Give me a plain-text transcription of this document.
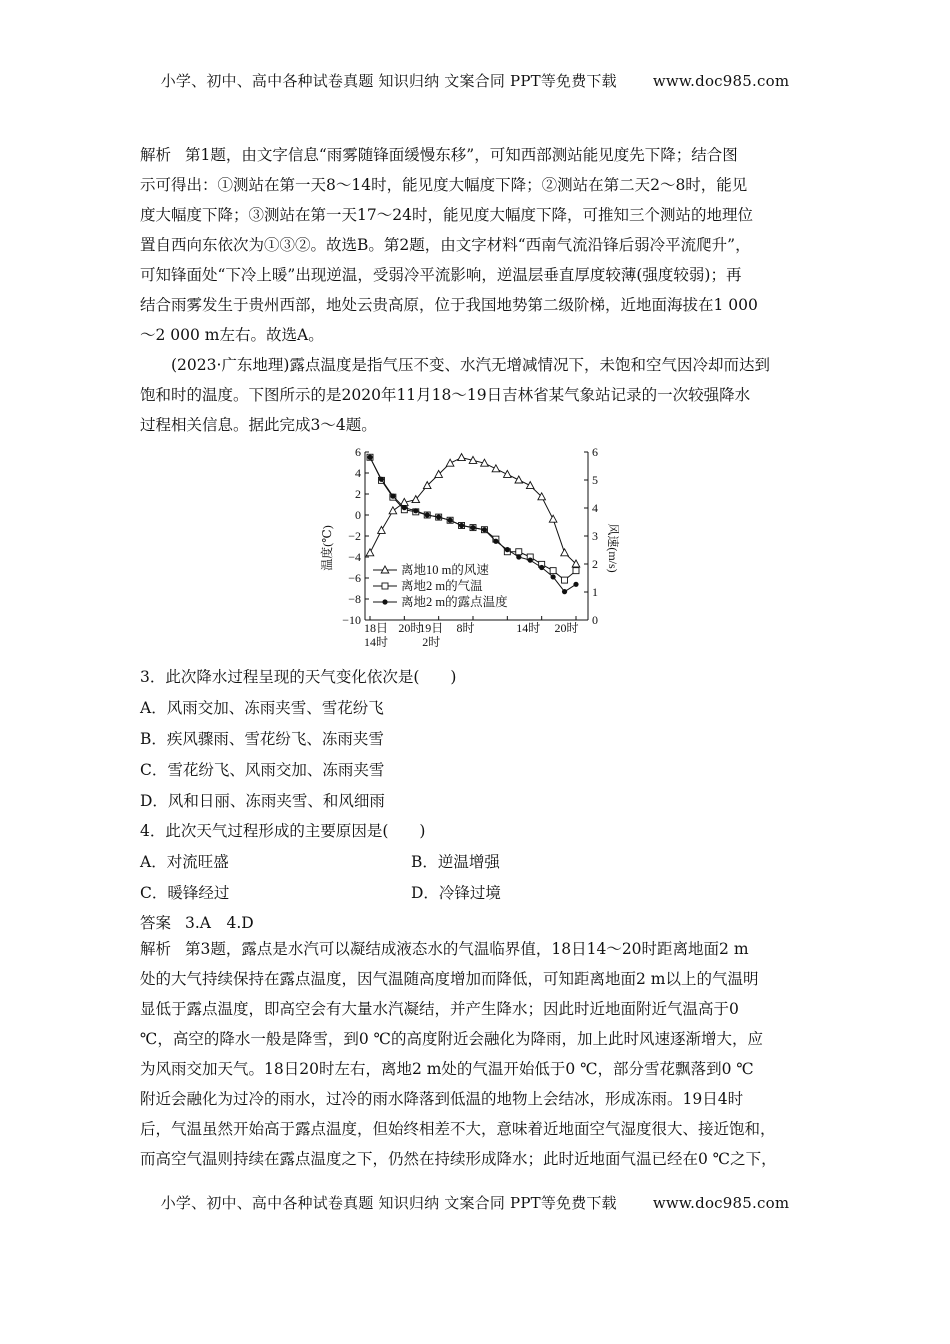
小学、初中、高中各种试卷真题 知识归纳 文案合同 PPT等免费下载 www.doc985.com
解析 第1题，由文字信息“雨雾随锋面缓慢东移”，可知西部测站能见度先下降；结合图
示可得出：①测站在第一天8～14时，能见度大幅度下降；②测站在第二天2～8时，能见
度大幅度下降；③测站在第一天17～24时，能见度大幅度下降，可推知三个测站的地理位
置自西向东依次为①③②。故选B。第2题，由文字材料“西南气流沿锋后弱冷平流爬升”，
可知锋面处“下冷上暖”出现逆温，受弱冷平流影响，逆温层垂直厚度较薄(强度较弱)；再
结合雨雾发生于贵州西部，地处云贵高原，位于我国地势第二级阶梯，近地面海拔在1 000
～2 000 m左右。故选A。
(2023·广东地理)露点温度是指气压不变、水汽无增减情况下，未饱和空气因冷却而达到
饱和时的温度。下图所示的是2020年11月18～19日吉林省某气象站记录的一次较强降水
过程相关信息。据此完成3～4题。
温度(℃)	风速(m/s)
6
4
2
0
−2
−4
−6
−8
−10
6
5
4
3
2
1
0
18日
14时
20时
19日
2时
8时	14时 20时
离地10 m的风速
离地2 m的气温
离地2 m的露点温度
3．此次降水过程呈现的天气变化依次是(　　)
A．风雨交加、冻雨夹雪、雪花纷飞
B．疾风骤雨、雪花纷飞、冻雨夹雪
C．雪花纷飞、风雨交加、冻雨夹雪
D．风和日丽、冻雨夹雪、和风细雨
4．此次天气过程形成的主要原因是(　　)
A．对流旺盛	B．逆温增强
C．暖锋经过	D．冷锋过境
答案 3.A　4.D
解析 第3题，露点是水汽可以凝结成液态水的气温临界值，18日14～20时距离地面2 m
处的大气持续保持在露点温度，因气温随高度增加而降低，可知距离地面2 m以上的气温明
显低于露点温度，即高空会有大量水汽凝结，并产生降水；因此时近地面附近气温高于0
℃，高空的降水一般是降雪，到0 ℃的高度附近会融化为降雨，加上此时风速逐渐增大，应
为风雨交加天气。18日20时左右，离地2 m处的气温开始低于0 ℃，部分雪花飘落到0 ℃
附近会融化为过冷的雨水，过冷的雨水降落到低温的地物上会结冰，形成冻雨。19日4时
后，气温虽然开始高于露点温度，但始终相差不大，意味着近地面空气湿度很大、接近饱和，
而高空气温则持续在露点温度之下，仍然在持续形成降水；此时近地面气温已经在0 ℃之下，
小学、初中、高中各种试卷真题 知识归纳 文案合同 PPT等免费下载 www.doc985.com
